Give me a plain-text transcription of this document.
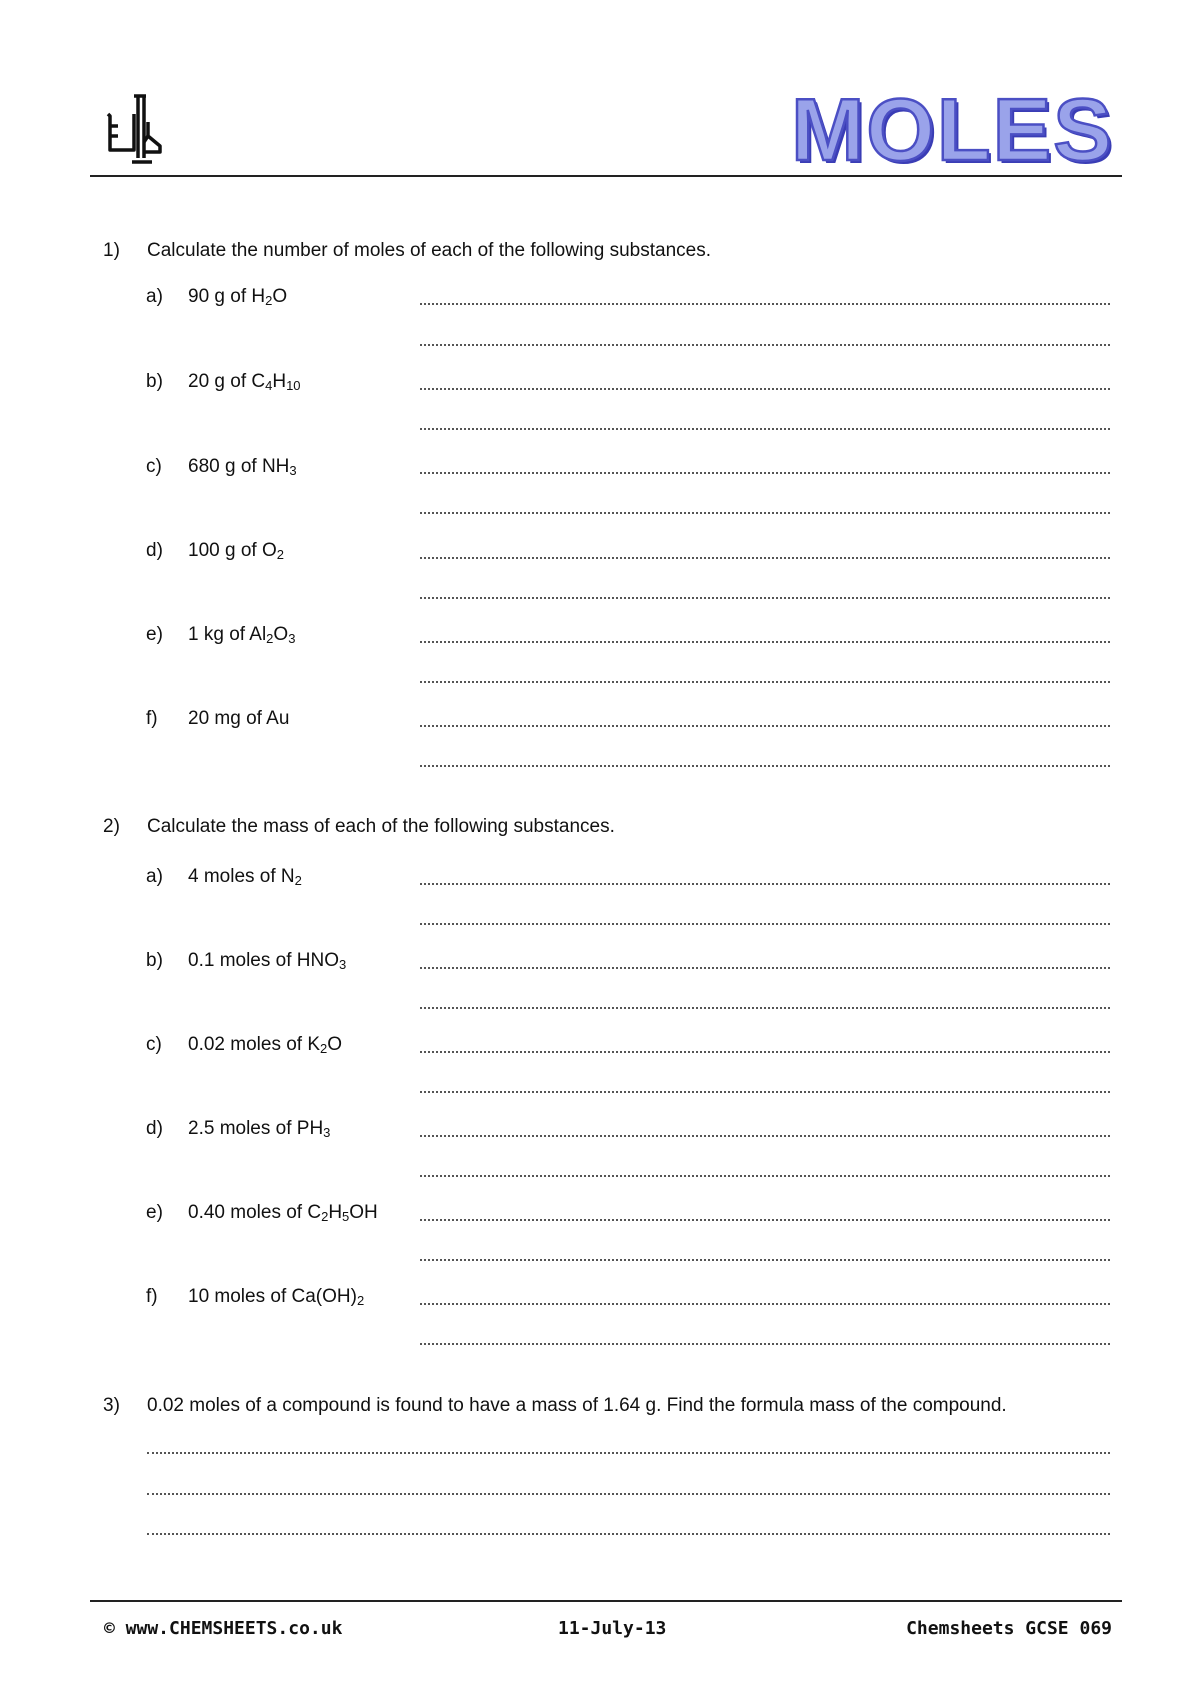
MOLES
1) Calculate the number of moles of each of the following substances.
a) 90 g of $H_2O$
b) 20 g of $C_4H_{10}$
c) 680 g of $NH_3$
d) 100 g of $O_2$
e) 1 kg of $Al_2O_3$
f) 20 mg of Au
2) Calculate the mass of each of the following substances.
a) 4 moles of $N_2$
b) 0.1 moles of $HNO_3$
c) 0.02 moles of $K_2O$
d) 2.5 moles of $PH_3$
e) 0.40 moles of $C_2H_5OH$
f) 10 moles of $Ca(OH)_2$
3) 0.02 moles of a compound is found to have a mass of 1.64 g. Find the formula mass of the compound.
© www.CHEMSHEETS.co.uk	11-July-13	Chemsheets GCSE 069
